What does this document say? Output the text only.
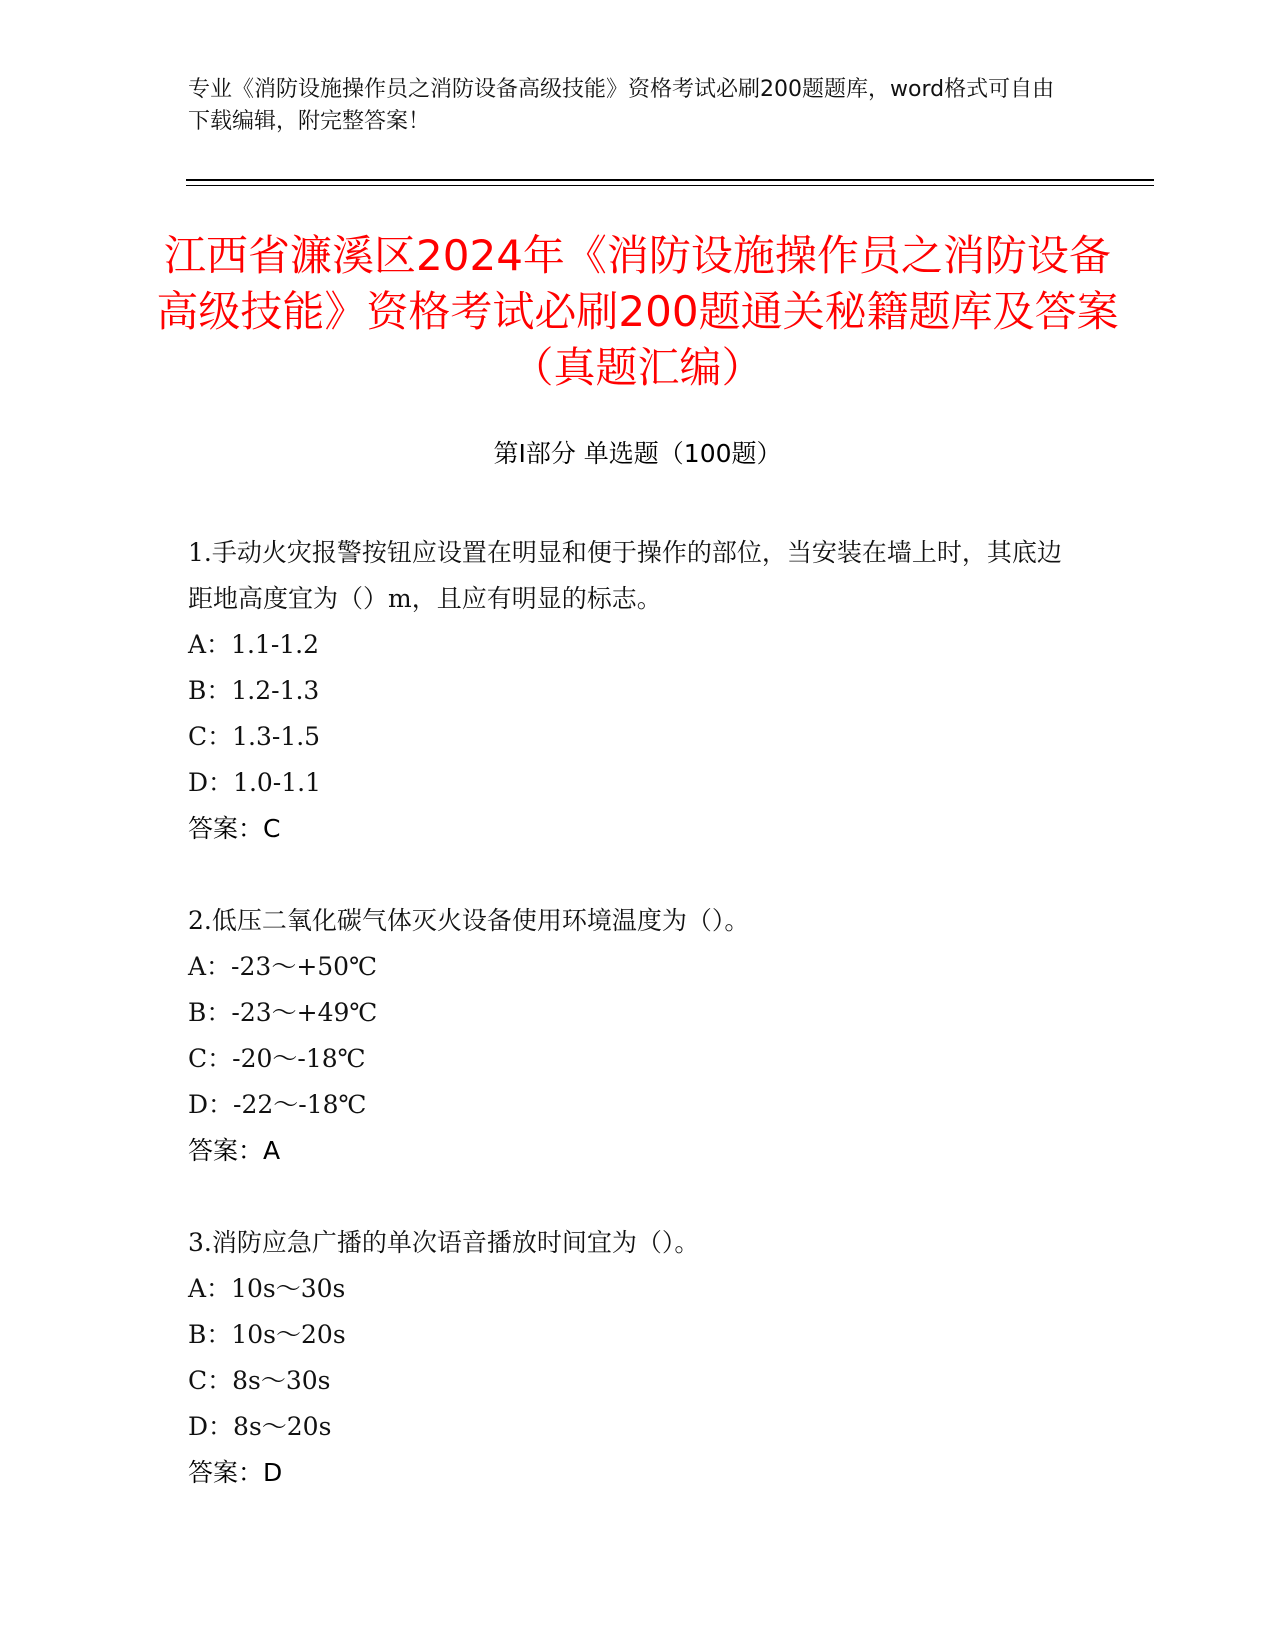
专业《消防设施操作员之消防设备高级技能》资格考试必刷200题题库，word格式可自由下载编辑，附完整答案！
江西省濂溪区2024年《消防设施操作员之消防设备高级技能》资格考试必刷200题通关秘籍题库及答案（真题汇编）
第I部分 单选题（100题）

1.手动火灾报警按钮应设置在明显和便于操作的部位，当安装在墙上时，其底边距地高度宜为（）m，且应有明显的标志。

A：1.1-1.2

B：1.2-1.3

C：1.3-1.5

D：1.0-1.1

答案：C

2.低压二氧化碳气体灭火设备使用环境温度为（）。

A：-23～+50℃

B：-23～+49℃

C：-20～-18℃

D：-22～-18℃

答案：A

3.消防应急广播的单次语音播放时间宜为（）。

A：10s～30s

B：10s～20s

C：8s～30s

D：8s～20s

答案：D
